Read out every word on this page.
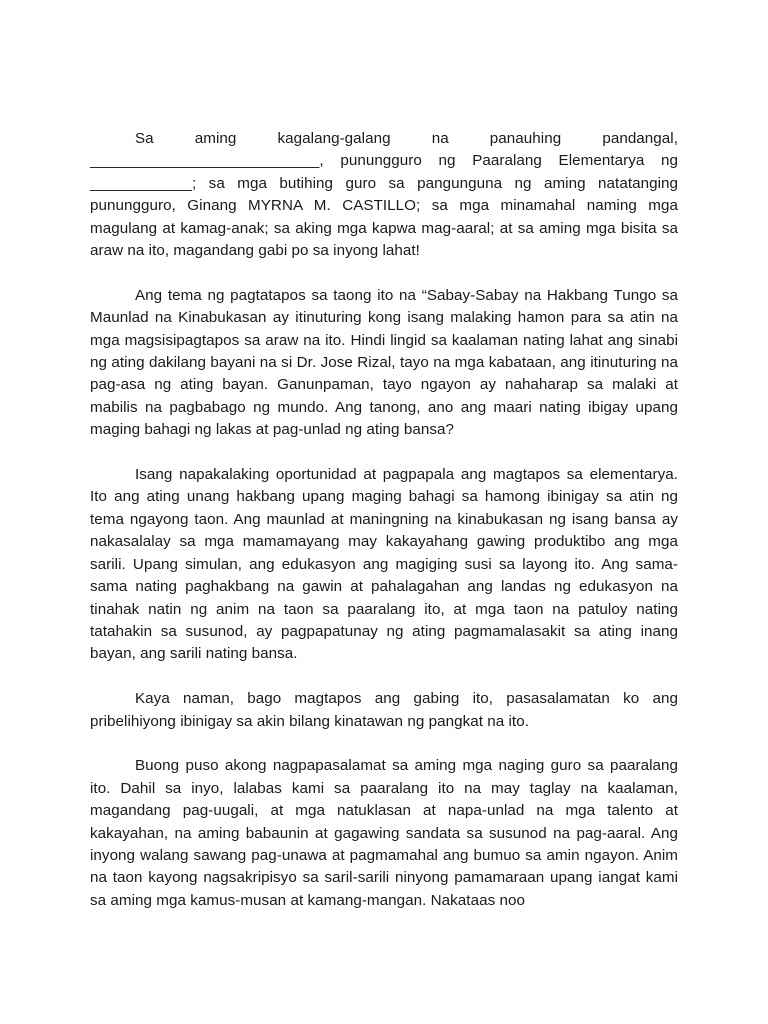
Sa aming kagalang-galang na panauhing pandangal, ___________________________, punungguro ng Paaralang Elementarya ng ____________; sa mga butihing guro sa pangunguna ng aming natatanging punungguro, Ginang MYRNA M. CASTILLO; sa mga minamahal naming mga magulang at kamag-anak; sa aking mga kapwa mag-aaral; at sa aming mga bisita sa araw na ito, magandang gabi po sa inyong lahat!

Ang tema ng pagtatapos sa taong ito na “Sabay-Sabay na Hakbang Tungo sa Maunlad na Kinabukasan ay itinuturing kong isang malaking hamon para sa atin na mga magsisipagtapos sa araw na ito. Hindi lingid sa kaalaman nating lahat ang sinabi ng ating dakilang bayani na si Dr. Jose Rizal, tayo na mga kabataan, ang itinuturing na pag-asa ng ating bayan. Ganunpaman, tayo ngayon ay nahaharap sa malaki at mabilis na pagbabago ng mundo. Ang tanong, ano ang maari nating ibigay upang maging bahagi ng lakas at pag-unlad ng ating bansa?

Isang napakalaking oportunidad at pagpapala ang magtapos sa elementarya. Ito ang ating unang hakbang upang maging bahagi sa hamong ibinigay sa atin ng tema ngayong taon. Ang maunlad at maningning na kinabukasan ng isang bansa ay nakasalalay sa mga mamamayang may kakayahang gawing produktibo ang mga sarili. Upang simulan, ang edukasyon ang magiging susi sa layong ito. Ang sama-sama nating paghakbang na gawin at pahalagahan ang landas ng edukasyon na tinahak natin ng anim na taon sa paaralang ito, at mga taon na patuloy nating tatahakin sa susunod, ay pagpapatunay ng ating pagmamalasakit sa ating inang bayan, ang sarili nating bansa.

Kaya naman, bago magtapos ang gabing ito, pasasalamatan ko ang pribelihiyong ibinigay sa akin bilang kinatawan ng pangkat na ito.

Buong puso akong nagpapasalamat sa aming mga naging guro sa paaralang ito. Dahil sa inyo, lalabas kami sa paaralang ito na may taglay na kaalaman, magandang pag-uugali, at mga natuklasan at napa-unlad na mga talento at kakayahan, na aming babaunin at gagawing sandata sa susunod na pag-aaral. Ang inyong walang sawang pag-unawa at pagmamahal ang bumuo sa amin ngayon. Anim na taon kayong nagsakripisyo sa saril-sarili ninyong pamamaraan upang iangat kami sa aming mga kamus-musan at kamang-mangan. Nakataas noo
